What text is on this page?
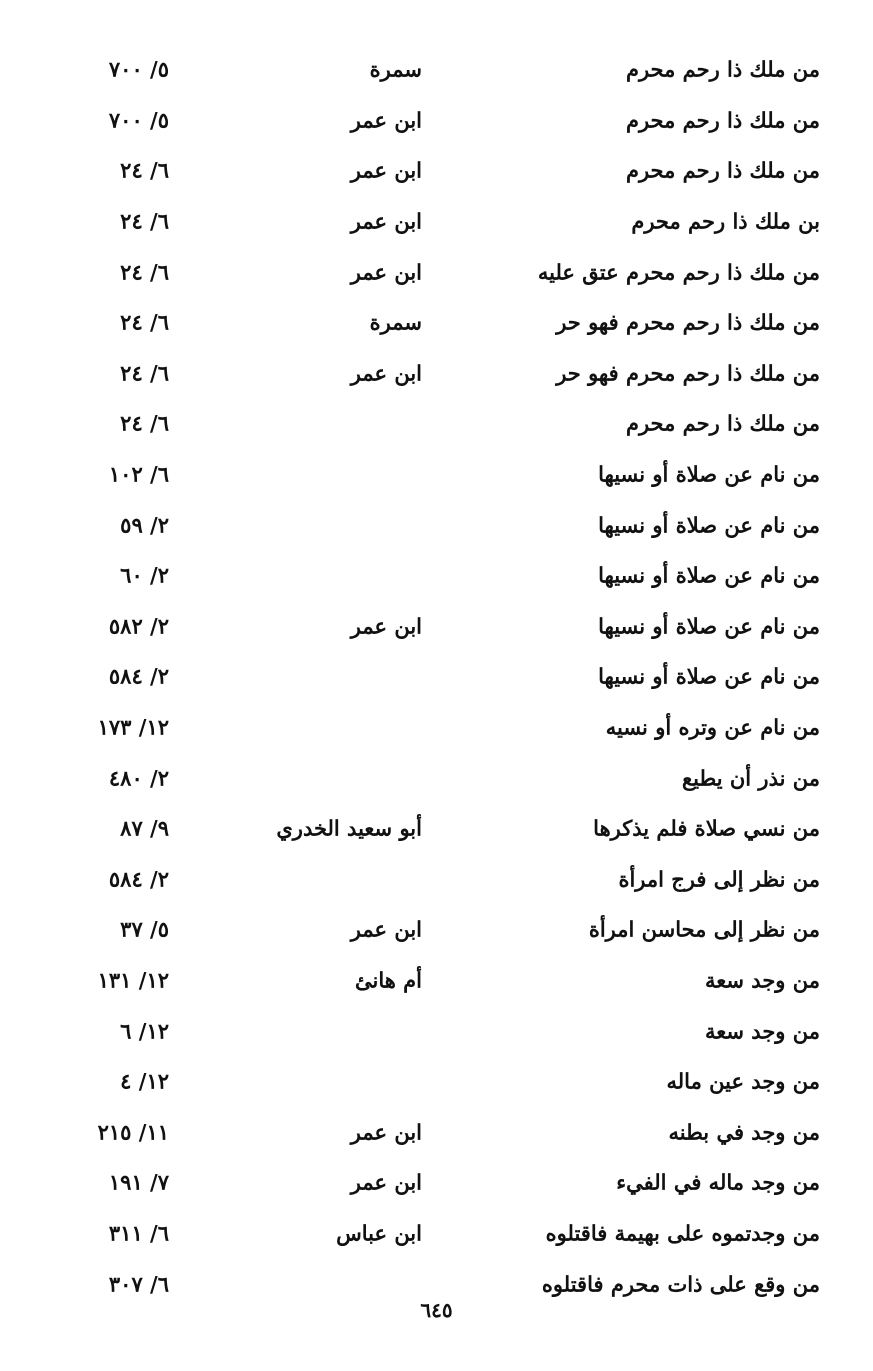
من ملك ذا رحم محرم
سمرة
٥/ ٧٠٠
من ملك ذا رحم محرم
ابن عمر
٥/ ٧٠٠
من ملك ذا رحم محرم
ابن عمر
٦/ ٢٤
بن ملك ذا رحم محرم
ابن عمر
٦/ ٢٤
من ملك ذا رحم محرم عتق عليه
ابن عمر
٦/ ٢٤
من ملك ذا رحم محرم فهو حر
سمرة
٦/ ٢٤
من ملك ذا رحم محرم فهو حر
ابن عمر
٦/ ٢٤
من ملك ذا رحم محرم
٦/ ٢٤
من نام عن صلاة أو نسيها
٦/ ١٠٢
من نام عن صلاة أو نسيها
٢/ ٥٩
من نام عن صلاة أو نسيها
٢/ ٦٠
من نام عن صلاة أو نسيها
ابن عمر
٢/ ٥٨٢
من نام عن صلاة أو نسيها
٢/ ٥٨٤
من نام عن وتره أو نسيه
١٢/ ١٧٣
من نذر أن يطيع
٢/ ٤٨٠
من نسي صلاة فلم يذكرها
أبو سعيد الخدري
٩/ ٨٧
من نظر إلى فرج امرأة
٢/ ٥٨٤
من نظر إلى محاسن امرأة
ابن عمر
٥/ ٣٧
من وجد سعة
أم هانئ
١٢/ ١٣١
من وجد سعة
١٢/ ٦
من وجد عين ماله
١٢/ ٤
من وجد في بطنه
ابن عمر
١١/ ٢١٥
من وجد ماله في الفيء
ابن عمر
٧/ ١٩١
من وجدتموه على بهيمة فاقتلوه
ابن عباس
٦/ ٣١١
من وقع على ذات محرم فاقتلوه
٦/ ٣٠٧
٦٤٥
